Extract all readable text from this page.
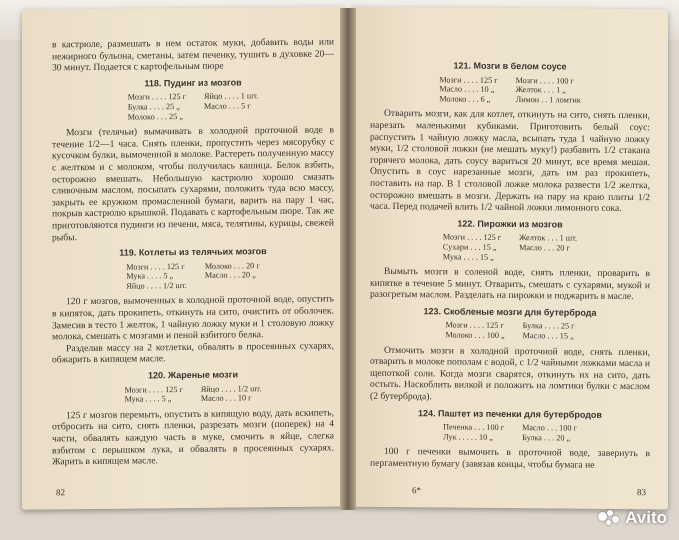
в кастрюле, размешать в нем остаток муки, добавить воды или нежирного бульона, сметаны, затем печенку, тушить в духовке 20—30 минут. Подается с картофельным пюре

118. Пудинг из мозгов
Мозги . . . . 125 г
Булка . . . . 25 „
Молоко . . . 25 „
Яйцо . . . . 1 шт.
Масло . . . 5 г

Мозги (телячьи) вымачивать в холодной проточной воде в течение 1/2—1 часа. Снять пленки, пропустить через мясорубку с кусочком булки, вымоченной в молоке. Растереть полученную массу с желтком и с молоком, чтобы получилась кашица. Белок взбить, осторожно вмешать. Небольшую кастрюлю хорошо смазать сливочным маслом, посыпать сухарями, положить туда всю массу, закрыть ее кружком промасленной бумаги, варить на пару 1 час, покрыв кастрюлю крышкой. Подавать с картофельным пюре. Так же приготовляются пудинги из печени, мяса, телятины, курицы, свежей рыбы.

119. Котлеты из телячьих мозгов
Мозги . . . . 125 г
Мука . . . . 5 „
Яйцо . . . . 1/2 шт.
Молоко . . . 20 г
Масло . . . 20 „

120 г мозгов, вымоченных в холодной проточной воде, опустить в кипяток, дать прокипеть, откинуть на сито, очистить от оболочек. Замесив в тесто 1 желток, 1 чайную ложку муки и 1 столовую ложку молока, смешать с мозгами и пеной взбитого белка.

Разделив массу на 2 котлетки, обвалять в просеянных сухарях, обжарить в кипящем масле.

120. Жареные мозги
Мозги . . . . 125 г
Мука . . . . 5 „
Яйцо . . . . 1/2 шт.
Масло . . . 10 г

125 г мозгов перемыть, опустить в кипящую воду, дать вскипеть, отбросить на сито, снять пленки, разрезать мозги (поперек) на 4 части, обвалять каждую часть в муке, смочить в яйце, слегка взбитом с перышком лука, и обвалять в просеянных сухарях. Жарить в кипящем масле.

82
121. Мозги в белом соусе
Мозги . . . . 125 г
Масло . . . . 10 „
Молоко . . . 6 „
Мозги . . . . 100 г
Желток . . . 1 „
Лимон . . 1 ломтик

Отварить мозги, как для котлет, откинуть на сито, снять пленки, нарезать маленькими кубиками. Приготовить белый соус: распустить 1 чайную ложку масла, всыпать туда 1 чайную ложку муки, 1/2 столовой ложки (не мешать муку!) разбавить 1/2 стакана горячего молока, дать соусу вариться 20 минут, все время мешая. Опустить в соус нарезанные мозги, дать им раз прокипеть, поставить на пар. В 1 столовой ложке молока развести 1/2 желтка, осторожно вмешать в мозги. Держать на пару на краю плиты 1/2 часа. Перед подачей влить 1/2 чайной ложки лимонного сока.

122. Пирожки из мозгов
Мозги . . . . 125 г
Сухари . . . 15 „
Мука . . . . 15 „
Желток . . . 1 шт.
Масло . . . 20 г

Вымыть мозги в соленой воде, снять пленки, проварить в кипятке в течение 5 минут. Отварить, смешать с сухарями, мукой и разогретым маслом. Разделать на пирожки и поджарить в масле.

123. Скобленые мозги для бутерброда
Мозги . . . . 125 г
Молоко . . . 100 „
Булка . . . . 25 г
Масло . . . 15 „

Отмочить мозги в холодной проточной воде, снять пленки, отварить в молоке пополам с водой, с 1/2 чайными ложками масла и щепоткой соли. Когда мозги сварятся, откинуть их на сито, дать остыть. Наскоблить вилкой и положить на ломтики булки с маслом (2 бутерброда).

124. Паштет из печенки для бутербродов
Печенка . . . 100 г
Лук . . . . . 10 „
Масло . . . 100 г
Булка . . . 20 „

100 г печенки вымочить в проточной воде, завернуть в пергаментную бумагу (завязав концы, чтобы бумага не

6*	83
Avito
